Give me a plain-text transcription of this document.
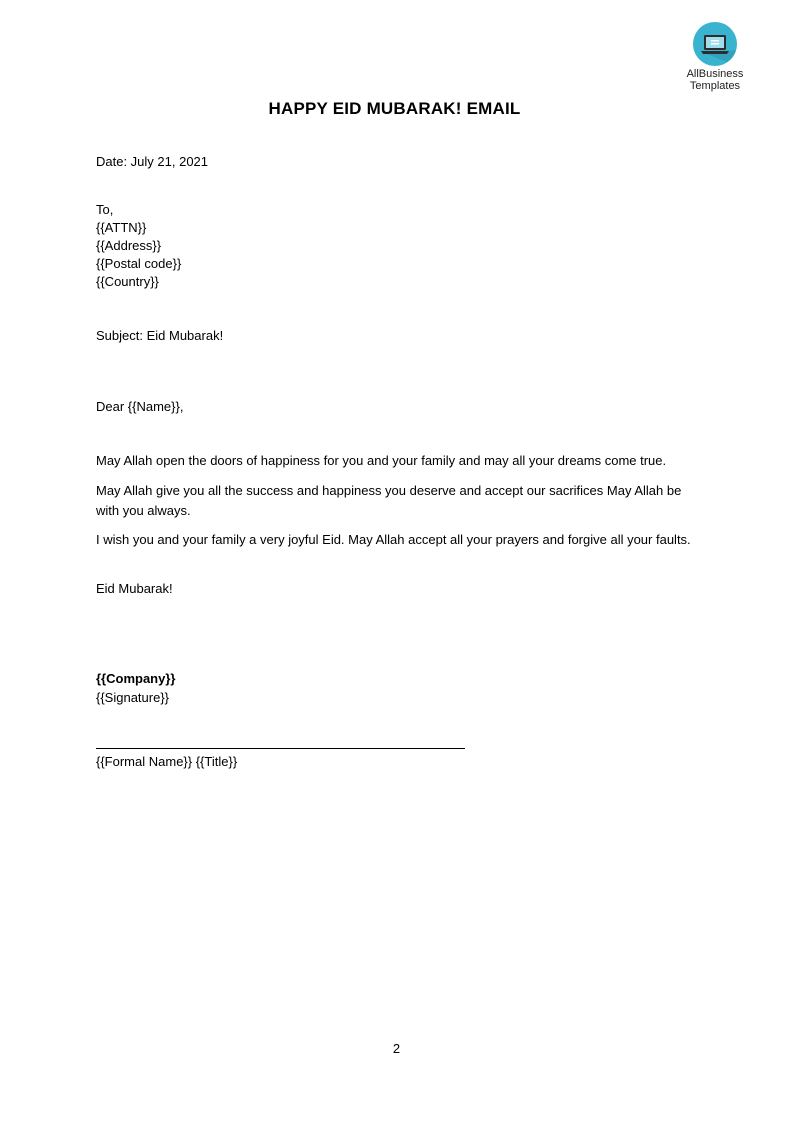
AllBusiness
Templates
HAPPY EID MUBARAK! EMAIL
Date: July 21, 2021
To,
{{ATTN}}
{{Address}}
{{Postal code}}
{{Country}}
Subject: Eid Mubarak!
Dear {{Name}},
May Allah open the doors of happiness for you and your family and may all your dreams come true.
May Allah give you all the success and happiness you deserve and accept our sacrifices May Allah be with you always.
I wish you and your family a very joyful Eid. May Allah accept all your prayers and forgive all your faults.
Eid Mubarak!
{{Company}}
{{Signature}}
{{Formal Name}} {{Title}}
2
